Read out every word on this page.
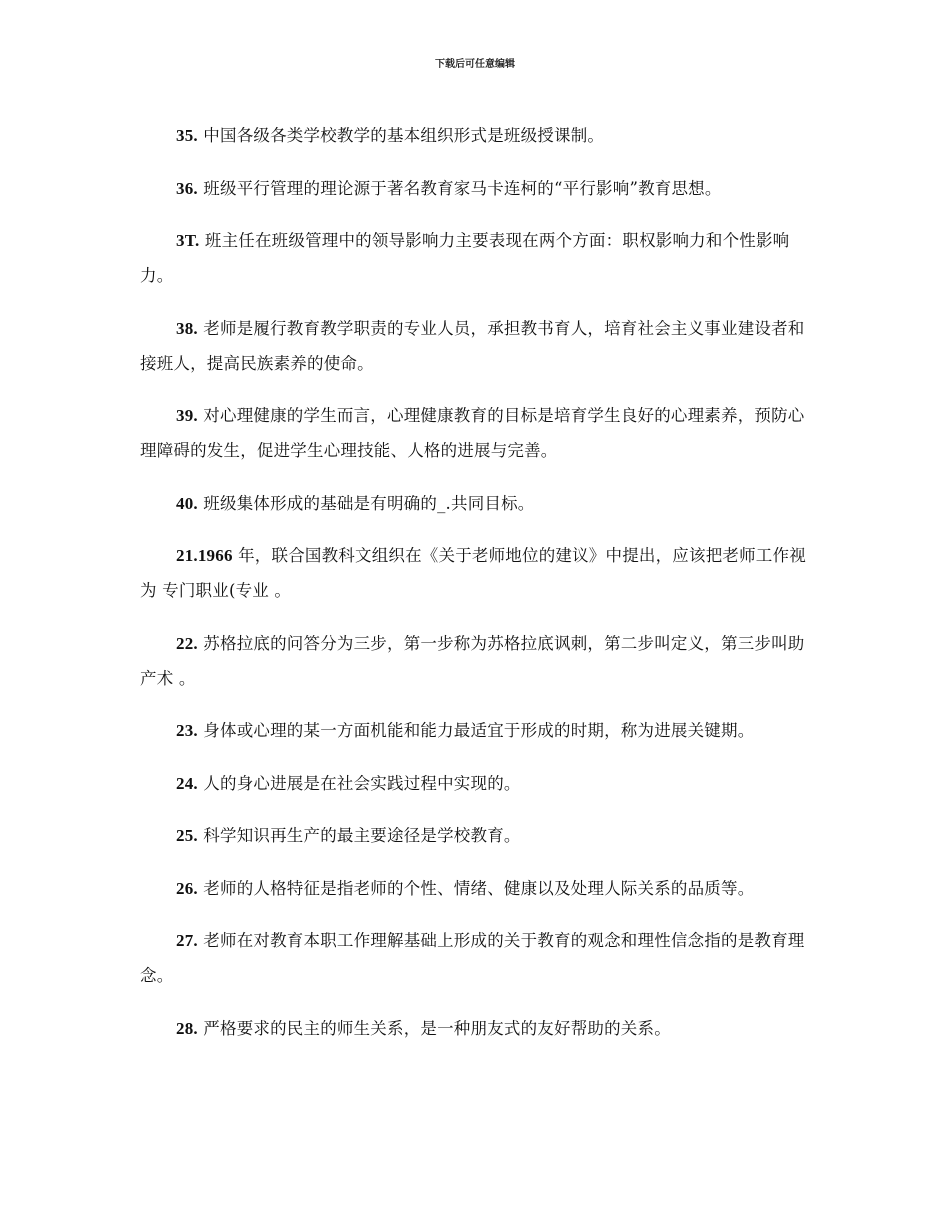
下载后可任意编辑

35. 中国各级各类学校教学的基本组织形式是班级授课制。

36. 班级平行管理的理论源于著名教育家马卡连柯的“平行影响”教育思想。

3T. 班主任在班级管理中的领导影响力主要表现在两个方面：职权影响力和个性影响力。

38. 老师是履行教育教学职责的专业人员，承担教书育人，培育社会主义事业建设者和接班人，提高民族素养的使命。

39. 对心理健康的学生而言，心理健康教育的目标是培育学生良好的心理素养，预防心理障碍的发生，促进学生心理技能、人格的进展与完善。

40. 班级集体形成的基础是有明确的_.共同目标。

21.1966 年，联合国教科文组织在《关于老师地位的建议》中提出，应该把老师工作视为 专门职业(专业 。

22. 苏格拉底的问答分为三步，第一步称为苏格拉底讽刺，第二步叫定义，第三步叫助产术 。

23. 身体或心理的某一方面机能和能力最适宜于形成的时期，称为进展关键期。

24. 人的身心进展是在社会实践过程中实现的。

25. 科学知识再生产的最主要途径是学校教育。

26. 老师的人格特征是指老师的个性、情绪、健康以及处理人际关系的品质等。

27. 老师在对教育本职工作理解基础上形成的关于教育的观念和理性信念指的是教育理念。

28. 严格要求的民主的师生关系，是一种朋友式的友好帮助的关系。
